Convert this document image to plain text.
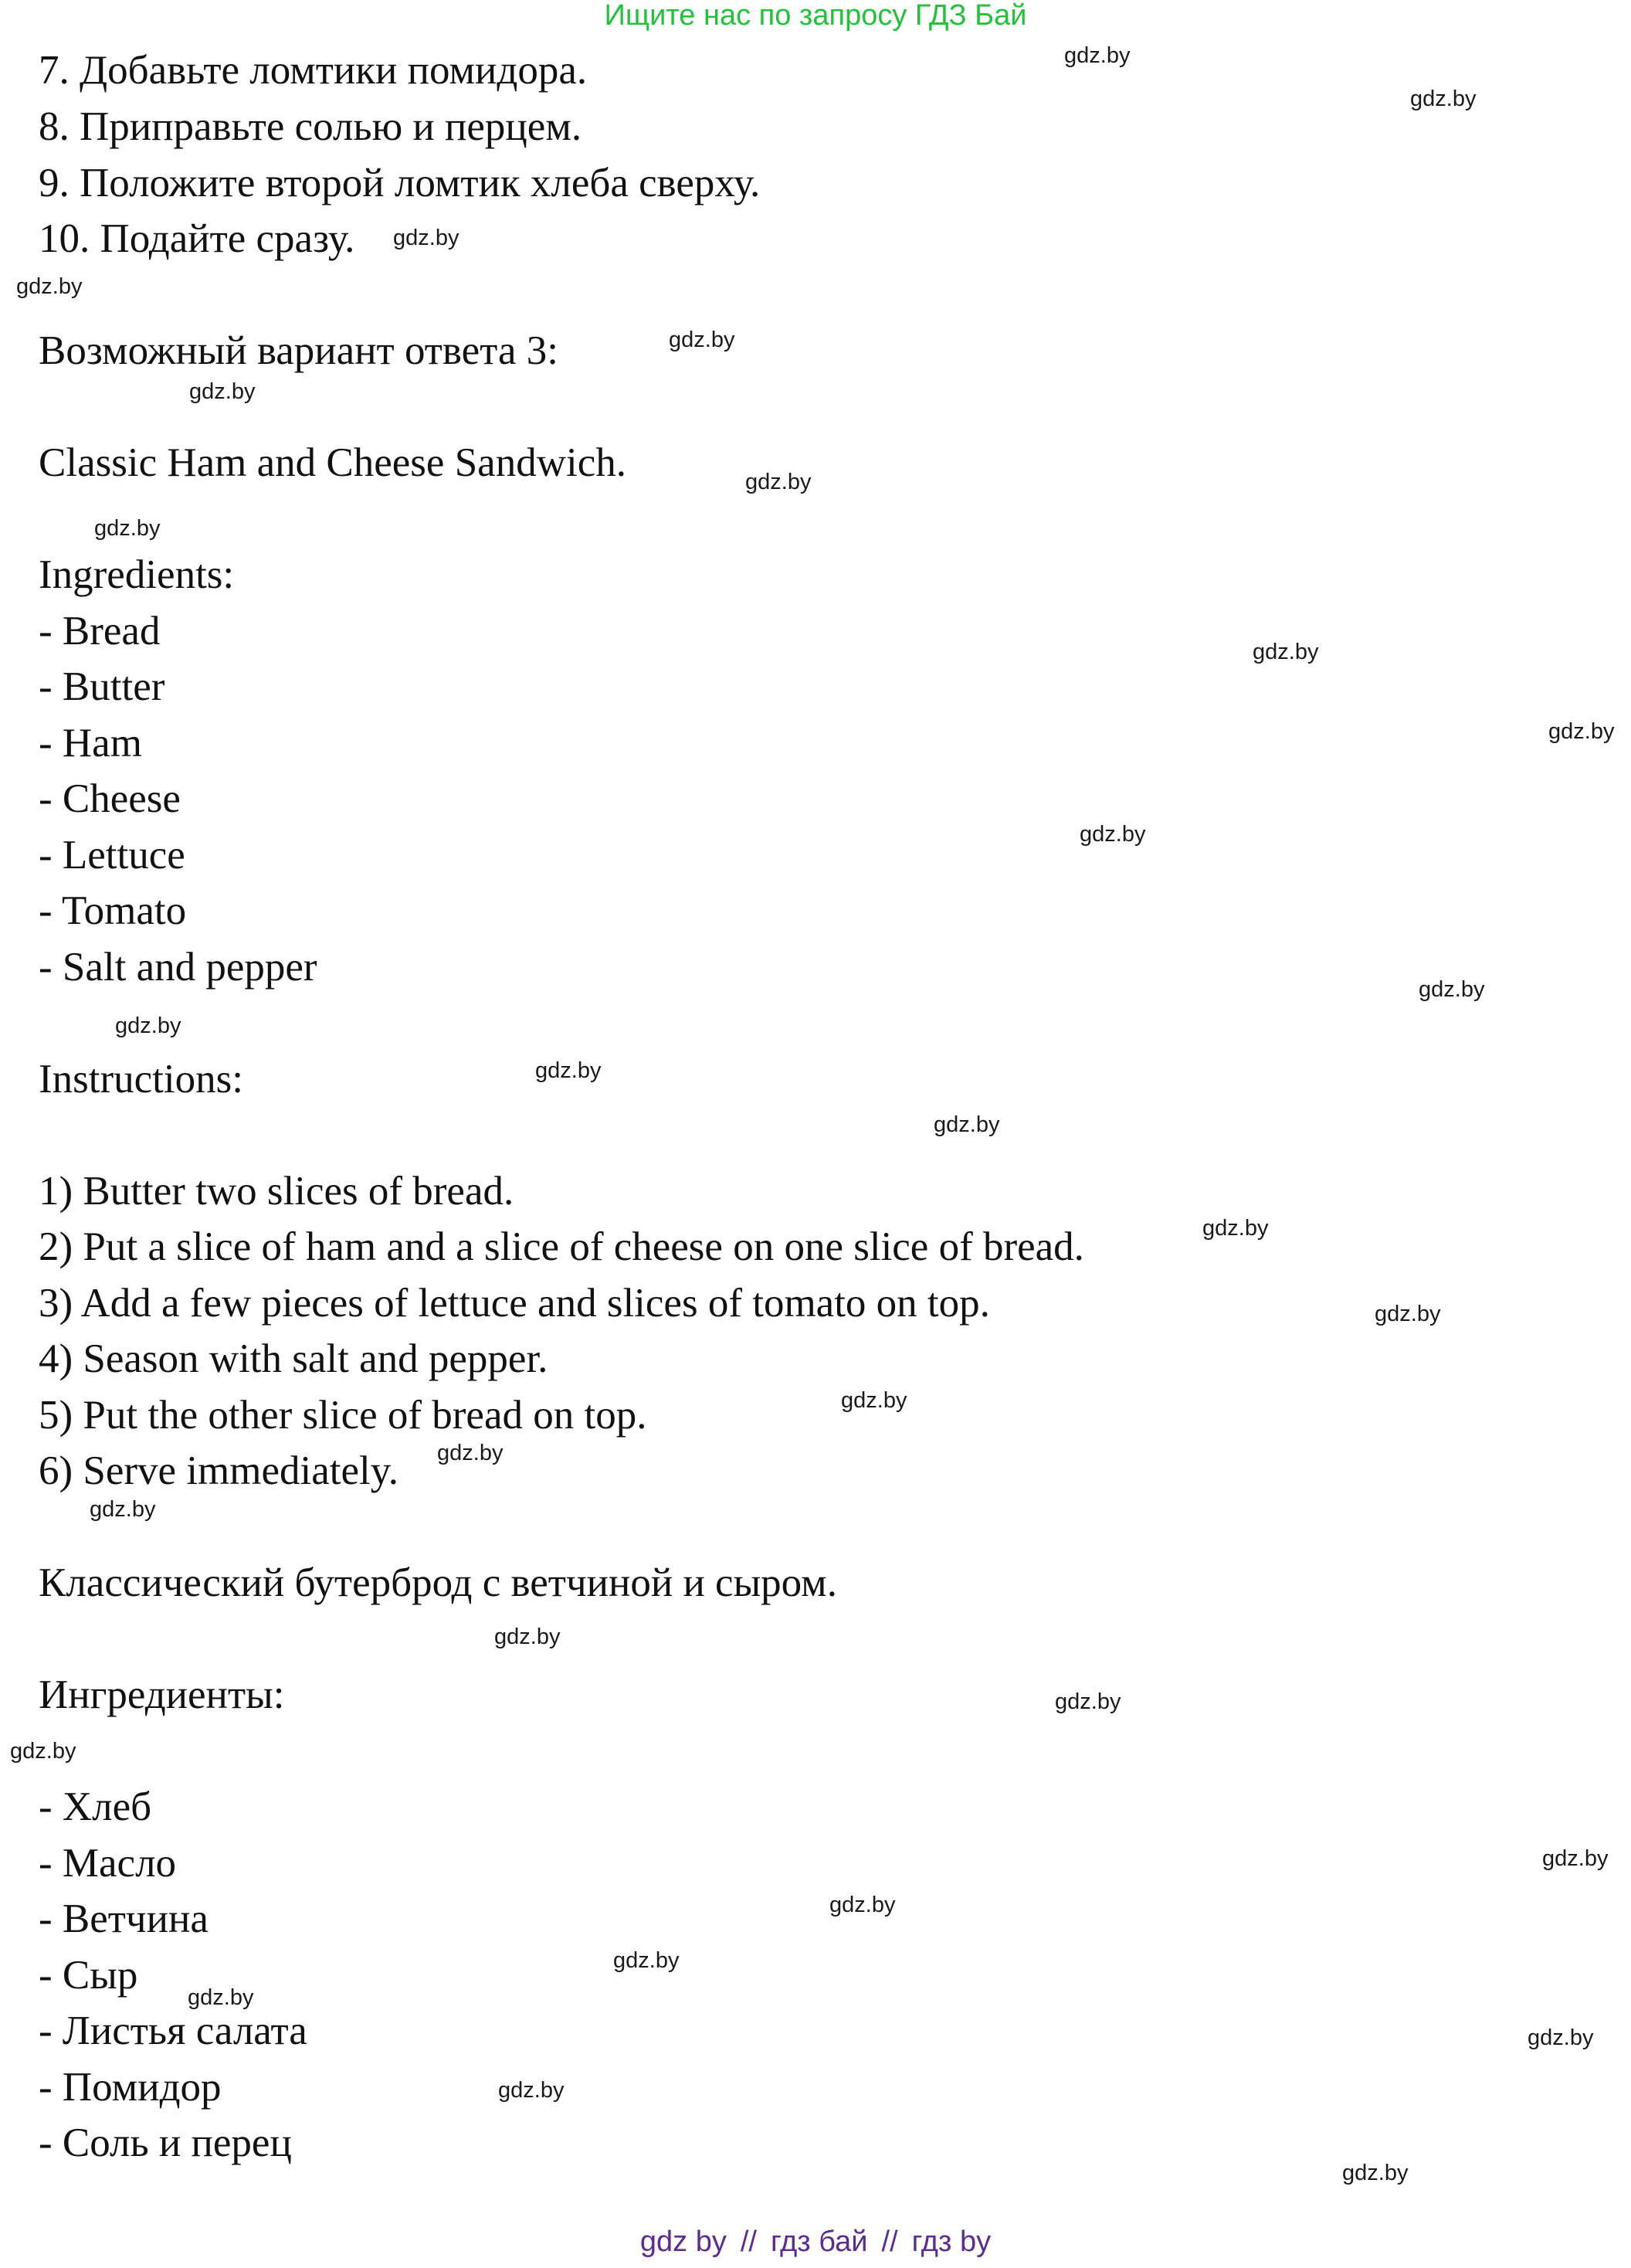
Ищите нас по запросу ГДЗ Бай
7. Добавьте ломтики помидора.
8. Приправьте солью и перцем.
9. Положите второй ломтик хлеба сверху.
10. Подайте сразу.
Возможный вариант ответа 3:
Classic Ham and Cheese Sandwich.
Ingredients:
- Bread
- Butter
- Ham
- Cheese
- Lettuce
- Tomato
- Salt and pepper
Instructions:
1) Butter two slices of bread.
2) Put a slice of ham and a slice of cheese on one slice of bread.
3) Add a few pieces of lettuce and slices of tomato on top.
4) Season with salt and pepper.
5) Put the other slice of bread on top.
6) Serve immediately.
Классический бутерброд с ветчиной и сыром.
Ингредиенты:
- Хлеб
- Масло
- Ветчина
- Сыр
- Листья салата
- Помидор
- Соль и перец
gdz.by
gdz.by
gdz.by
gdz.by
gdz.by
gdz.by
gdz.by
gdz.by
gdz.by
gdz.by
gdz.by
gdz.by
gdz.by
gdz.by
gdz.by
gdz.by
gdz.by
gdz.by
gdz.by
gdz.by
gdz.by
gdz.by
gdz.by
gdz.by
gdz.by
gdz.by
gdz.by
gdz.by
gdz.by
gdz.by
gdz by // гдз бай // гдз by
